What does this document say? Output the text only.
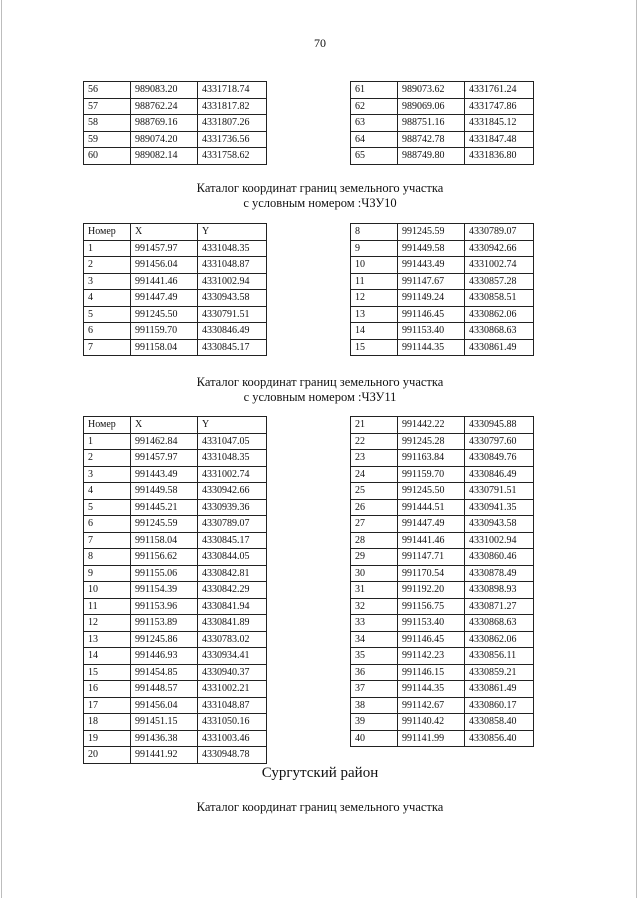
70
56	989083.20	4331718.74
57	988762.24	4331817.82
58	988769.16	4331807.26
59	989074.20	4331736.56
60	989082.14	4331758.62
61	989073.62	4331761.24
62	989069.06	4331747.86
63	988751.16	4331845.12
64	988742.78	4331847.48
65	988749.80	4331836.80
Каталог координат границ земельного участка
с условным номером :ЧЗУ10
Номер	X	Y
1	991457.97	4331048.35
2	991456.04	4331048.87
3	991441.46	4331002.94
4	991447.49	4330943.58
5	991245.50	4330791.51
6	991159.70	4330846.49
7	991158.04	4330845.17
8	991245.59	4330789.07
9	991449.58	4330942.66
10	991443.49	4331002.74
11	991147.67	4330857.28
12	991149.24	4330858.51
13	991146.45	4330862.06
14	991153.40	4330868.63
15	991144.35	4330861.49
Каталог координат границ земельного участка
с условным номером :ЧЗУ11
Номер	X	Y
1	991462.84	4331047.05
2	991457.97	4331048.35
3	991443.49	4331002.74
4	991449.58	4330942.66
5	991445.21	4330939.36
6	991245.59	4330789.07
7	991158.04	4330845.17
8	991156.62	4330844.05
9	991155.06	4330842.81
10	991154.39	4330842.29
11	991153.96	4330841.94
12	991153.89	4330841.89
13	991245.86	4330783.02
14	991446.93	4330934.41
15	991454.85	4330940.37
16	991448.57	4331002.21
17	991456.04	4331048.87
18	991451.15	4331050.16
19	991436.38	4331003.46
20	991441.92	4330948.78
21	991442.22	4330945.88
22	991245.28	4330797.60
23	991163.84	4330849.76
24	991159.70	4330846.49
25	991245.50	4330791.51
26	991444.51	4330941.35
27	991447.49	4330943.58
28	991441.46	4331002.94
29	991147.71	4330860.46
30	991170.54	4330878.49
31	991192.20	4330898.93
32	991156.75	4330871.27
33	991153.40	4330868.63
34	991146.45	4330862.06
35	991142.23	4330856.11
36	991146.15	4330859.21
37	991144.35	4330861.49
38	991142.67	4330860.17
39	991140.42	4330858.40
40	991141.99	4330856.40
Сургутский район
Каталог координат границ земельного участка
